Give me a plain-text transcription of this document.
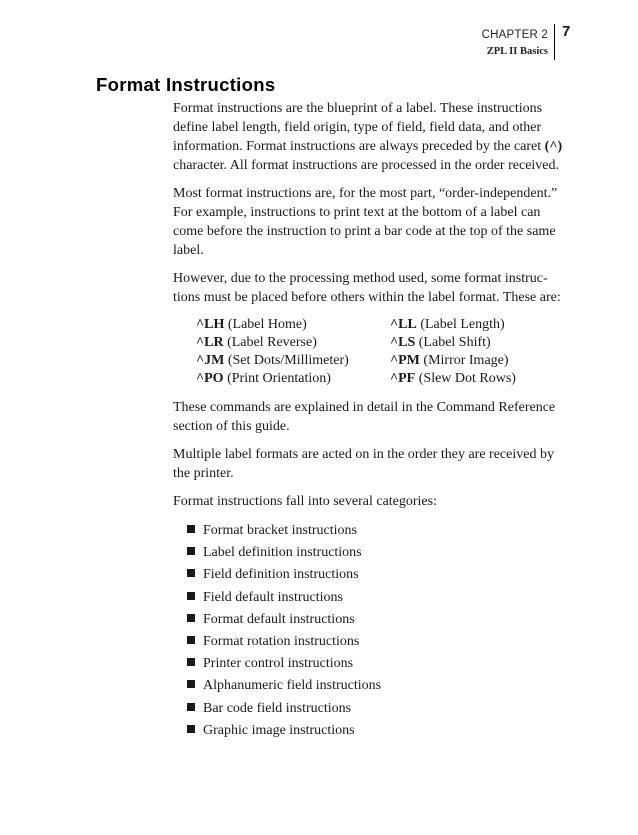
CHAPTER 2
ZPL II Basics
7
Format Instructions

Format instructions are the blueprint of a label. These instructions
define label length, field origin, type of field, field data, and other
information. Format instructions are always preceded by the caret (^)
character. All format instructions are processed in the order received.

Most format instructions are, for the most part, “order-independent.”
For example, instructions to print text at the bottom of a label can
come before the instruction to print a bar code at the top of the same
label.

However, due to the processing method used, some format instruc-
tions must be placed before others within the label format. These are:

^LH (Label Home)	^LL (Label Length)
^LR (Label Reverse)	^LS (Label Shift)
^JM (Set Dots/Millimeter)	^PM (Mirror Image)
^PO (Print Orientation)	^PF (Slew Dot Rows)

These commands are explained in detail in the Command Reference
section of this guide.

Multiple label formats are acted on in the order they are received by
the printer.

Format instructions fall into several categories:

Format bracket instructions
Label definition instructions
Field definition instructions
Field default instructions
Format default instructions
Format rotation instructions
Printer control instructions
Alphanumeric field instructions
Bar code field instructions
Graphic image instructions
